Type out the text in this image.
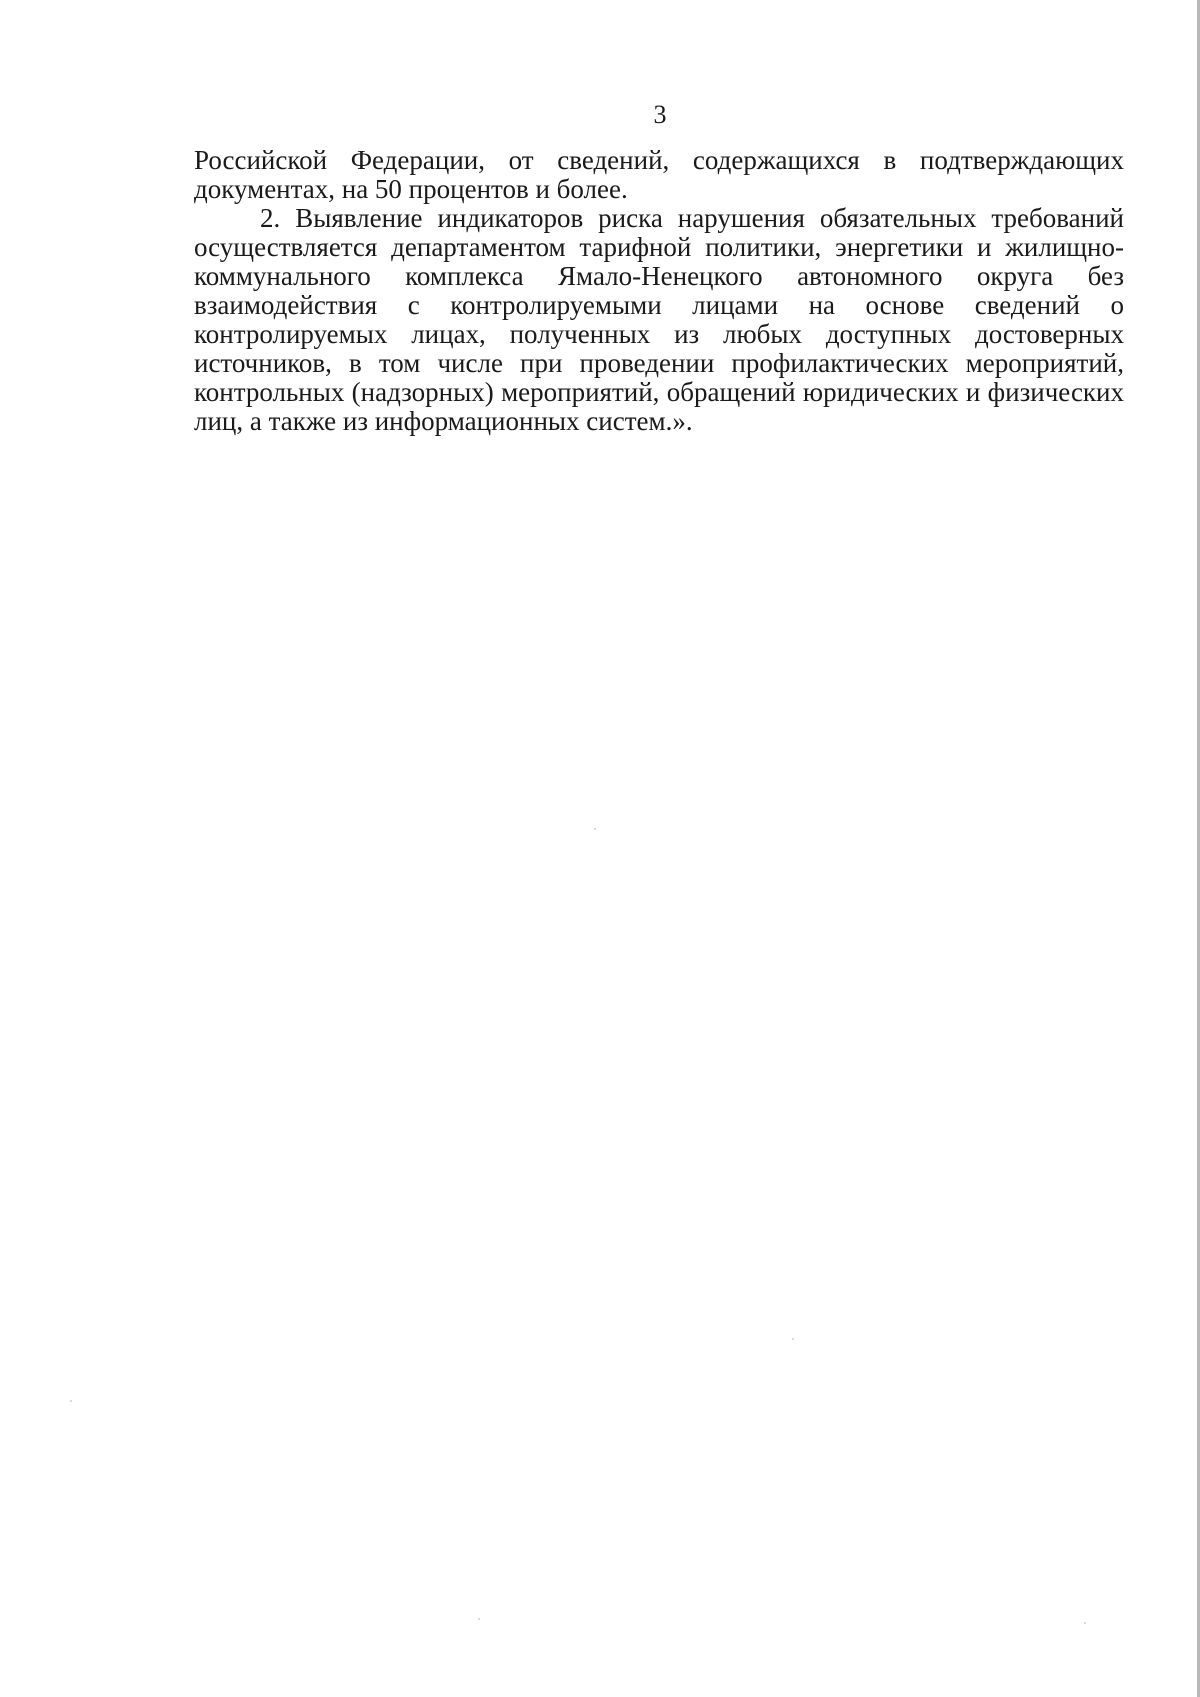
3

Российской Федерации, от сведений, содержащихся в подтверждающих документах, на 50 процентов и более.

2. Выявление индикаторов риска нарушения обязательных требований осуществляется департаментом тарифной политики, энергетики и жилищно-коммунального комплекса Ямало-Ненецкого автономного округа без взаимодействия с контролируемыми лицами на основе сведений о контролируемых лицах, полученных из любых доступных достоверных источников, в том числе при проведении профилактических мероприятий, контрольных (надзорных) мероприятий, обращений юридических и физических лиц, а также из информационных систем.».
